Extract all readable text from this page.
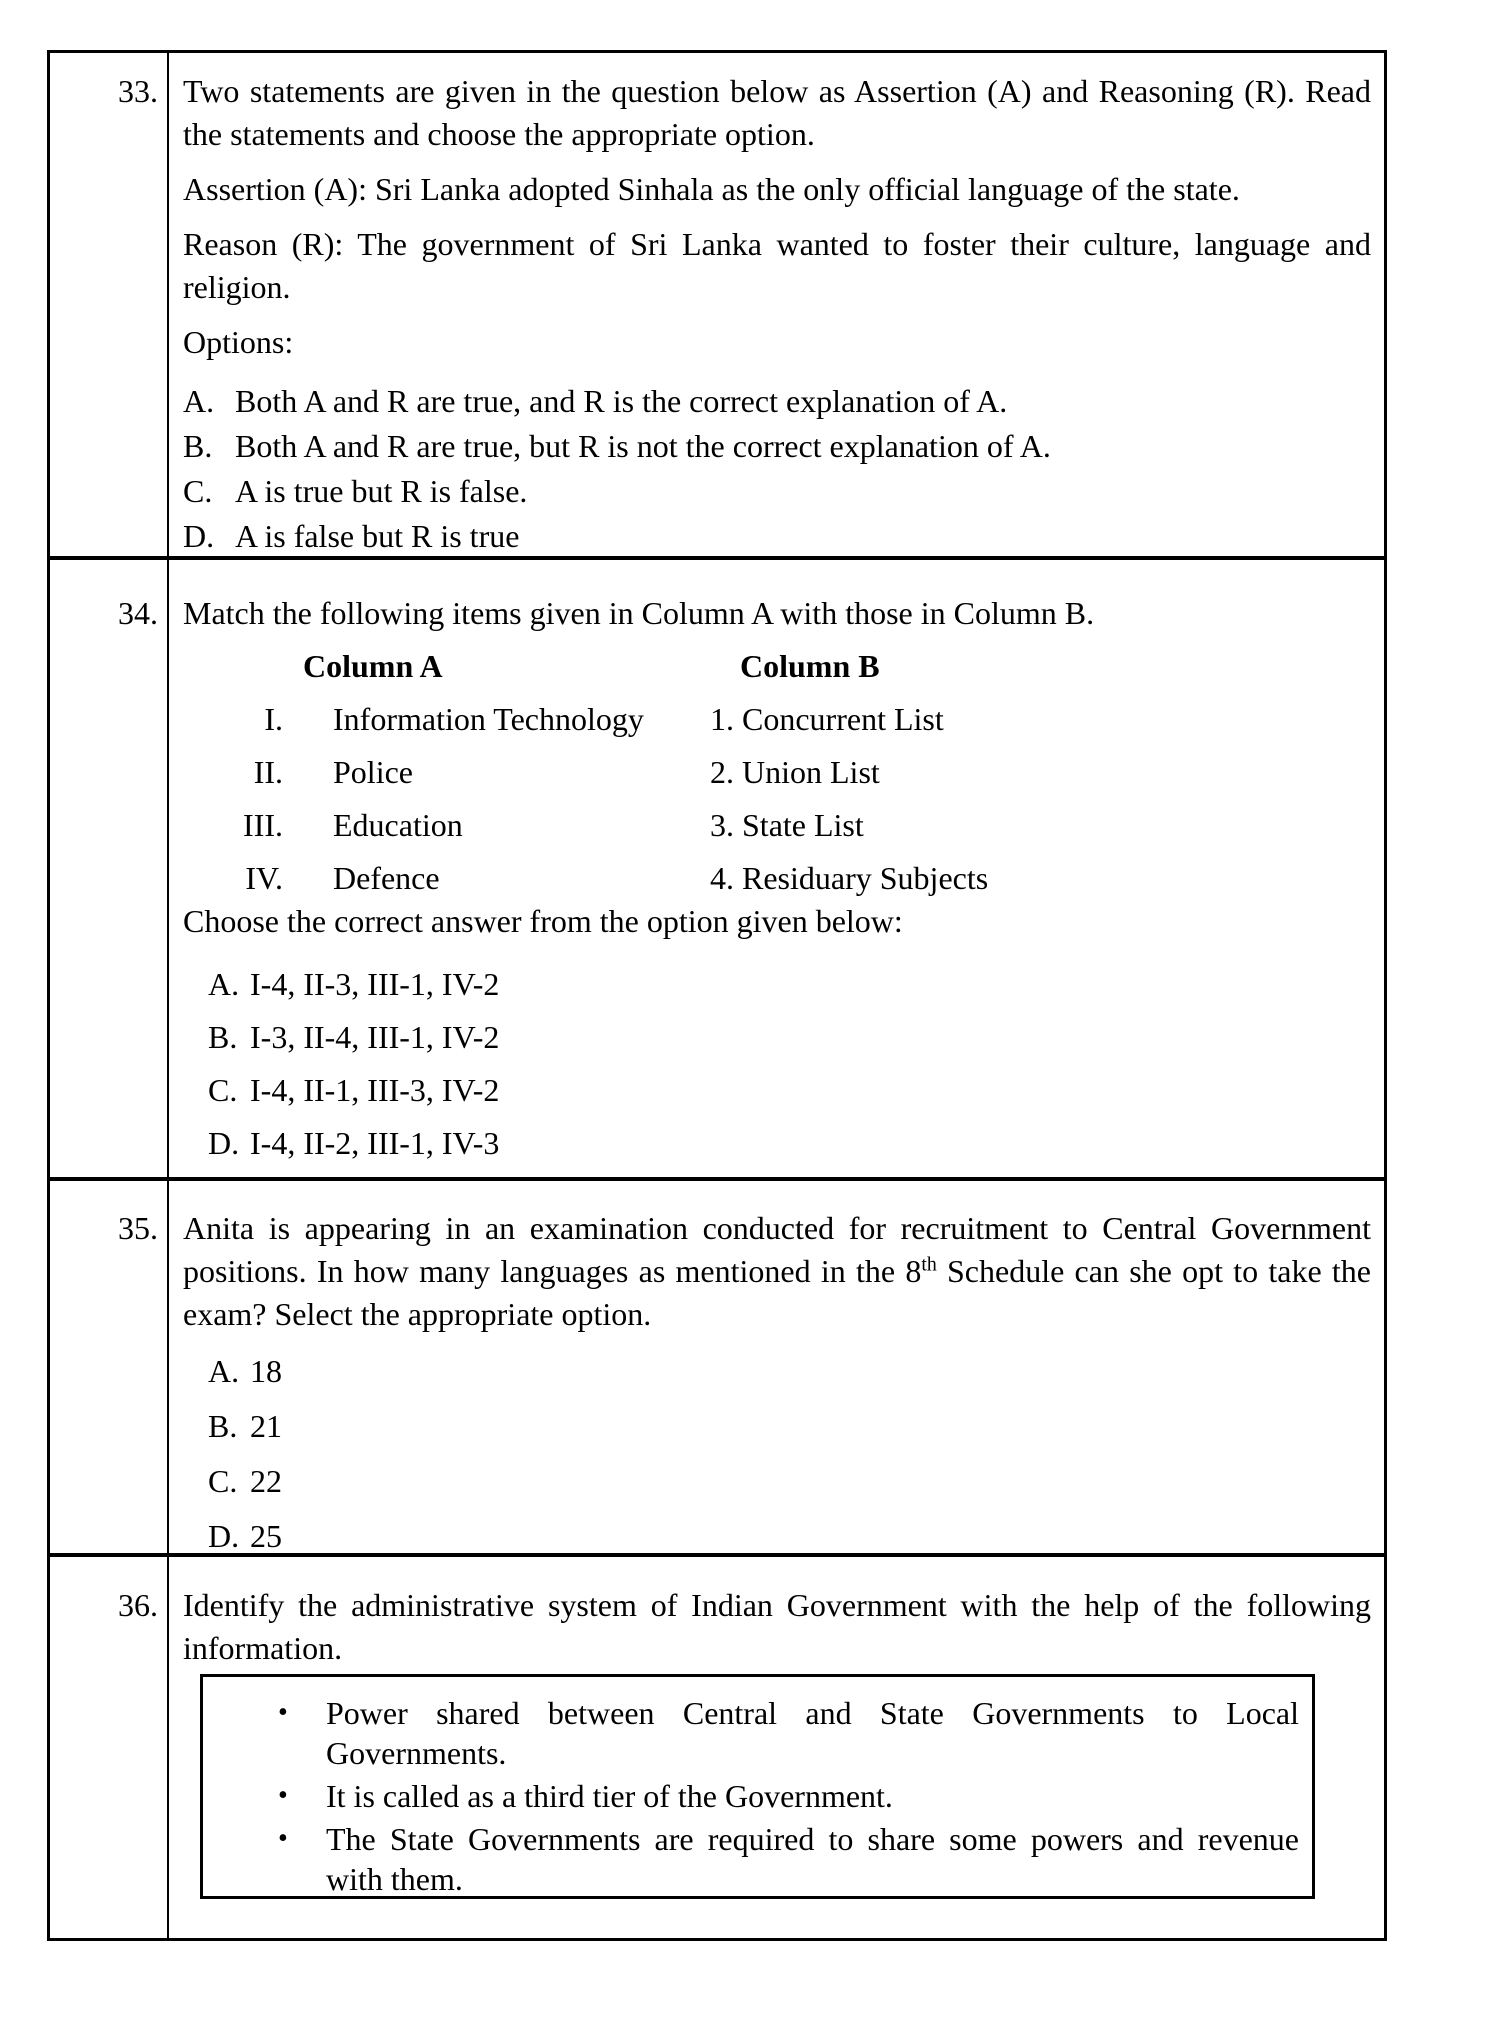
33. Two statements are given in the question below as Assertion (A) and Reasoning (R). Read the statements and choose the appropriate option.

Assertion (A): Sri Lanka adopted Sinhala as the only official language of the state.

Reason (R): The government of Sri Lanka wanted to foster their culture, language and religion.

Options:

A. Both A and R are true, and R is the correct explanation of A.
B. Both A and R are true, but R is not the correct explanation of A.
C. A is true but R is false.
D. A is false but R is true
34. Match the following items given in Column A with those in Column B.

Column A	Column B
I. Information Technology 1. Concurrent List
II. Police	2. Union List
III. Education	3. State List
IV. Defence	4. Residuary Subjects

Choose the correct answer from the option given below:

A. I-4, II-3, III-1, IV-2
B. I-3, II-4, III-1, IV-2
C. I-4, II-1, III-3, IV-2
D. I-4, II-2, III-1, IV-3
35. Anita is appearing in an examination conducted for recruitment to Central Government positions. In how many languages as mentioned in the 8th Schedule can she opt to take the exam? Select the appropriate option.

A. 18
B. 21
C. 22
D. 25
36. Identify the administrative system of Indian Government with the help of the following information.

•	Power shared between Central and State Governments to Local Governments.
•	It is called as a third tier of the Government.
•	The State Governments are required to share some powers and revenue with them.
